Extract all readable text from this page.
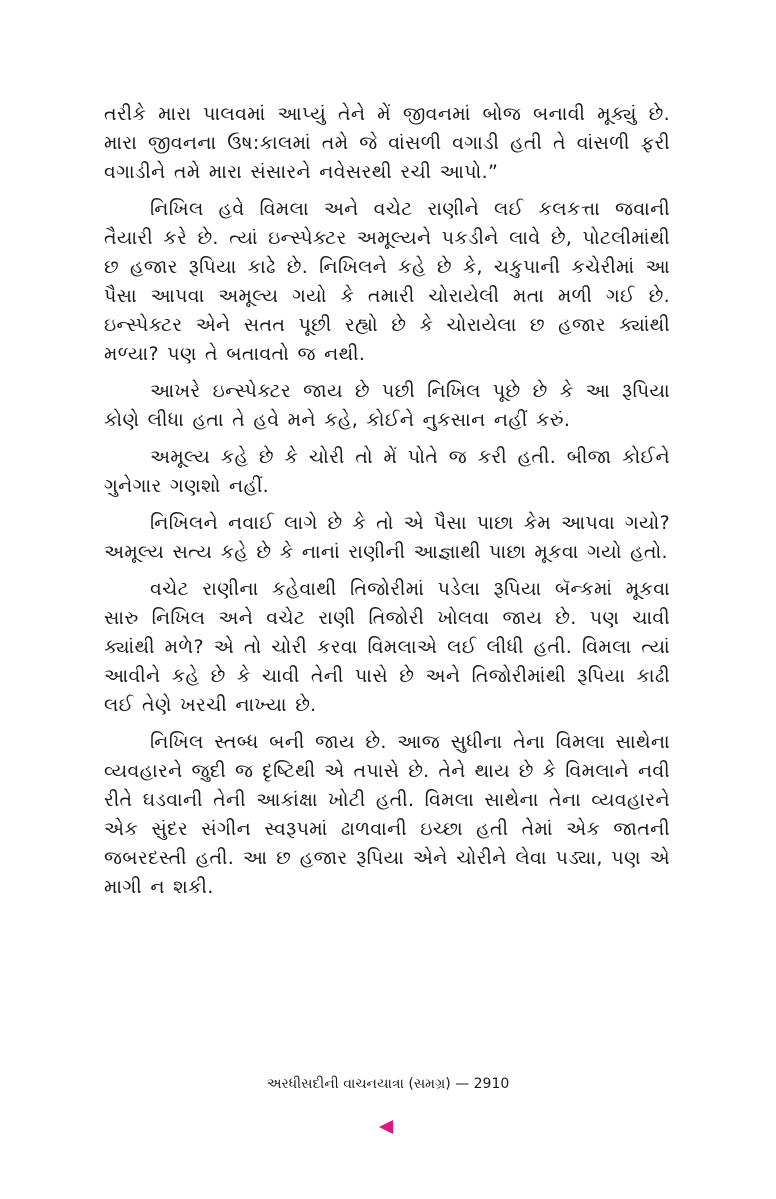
તરીકે મારા પાલવમાં આપ્યું તેને મેં જીવનમાં બોજ બનાવી મૂક્યું છે. મારા જીવનના ઉષ:કાલમાં તમે જે વાંસળી વગાડી હતી તે વાંસળી ફરી વગાડીને તમે મારા સંસારને નવેસરથી રચી આપો.”

નિખિલ હવે વિમલા અને વચેટ રાણીને લઈ કલકત્તા જવાની તૈયારી કરે છે. ત્યાં ઇન્સ્પેક્ટર અમૂલ્યને પકડીને લાવે છે, પોટલીમાંથી છ હજાર રૂપિયા કાઢે છે. નિખિલને કહે છે કે, ચકુપાની કચેરીમાં આ પૈસા આપવા અમૂલ્ય ગયો કે તમારી ચોરાયેલી મતા મળી ગઈ છે. ઇન્સ્પેક્ટર એને સતત પૂછી રહ્યો છે કે ચોરાયેલા છ હજાર ક્યાંથી મળ્યા? પણ તે બતાવતો જ નથી.

આખરે ઇન્સ્પેક્ટર જાય છે પછી નિખિલ પૂછે છે કે આ રૂપિયા કોણે લીધા હતા તે હવે મને કહે, કોઈને નુકસાન નહીં કરું.

અમૂલ્ય કહે છે કે ચોરી તો મેં પોતે જ કરી હતી. બીજા કોઈને ગુનેગાર ગણશો નહીં.

નિખિલને નવાઈ લાગે છે કે તો એ પૈસા પાછા કેમ આપવા ગયો? અમૂલ્ય સત્ય કહે છે કે નાનાં રાણીની આજ્ઞાથી પાછા મૂકવા ગયો હતો.

વચેટ રાણીના કહેવાથી તિજોરીમાં પડેલા રૂપિયા બૅન્કમાં મૂકવા સારુ નિખિલ અને વચેટ રાણી તિજોરી ખોલવા જાય છે. પણ ચાવી ક્યાંથી મળે? એ તો ચોરી કરવા વિમલાએ લઈ લીધી હતી. વિમલા ત્યાં આવીને કહે છે કે ચાવી તેની પાસે છે અને તિજોરીમાંથી રૂપિયા કાઢી લઈ તેણે ખરચી નાખ્યા છે.

નિખિલ સ્તબ્ધ બની જાય છે. આજ સુધીના તેના વિમલા સાથેના વ્યવહારને જુદી જ દૃષ્ટિથી એ તપાસે છે. તેને થાય છે કે વિમલાને નવી રીતે ઘડવાની તેની આકાંક્ષા ખોટી હતી. વિમલા સાથેના તેના વ્યવહારને એક સુંદર સંગીન સ્વરૂપમાં ઢાળવાની ઇચ્છા હતી તેમાં એક જાતની જબરદસ્તી હતી. આ છ હજાર રૂપિયા એને ચોરીને લેવા પડ્યા, પણ એ માગી ન શકી.

અરધીસદીની વાચનયાત્રા (સમગ્ર) — 2910
